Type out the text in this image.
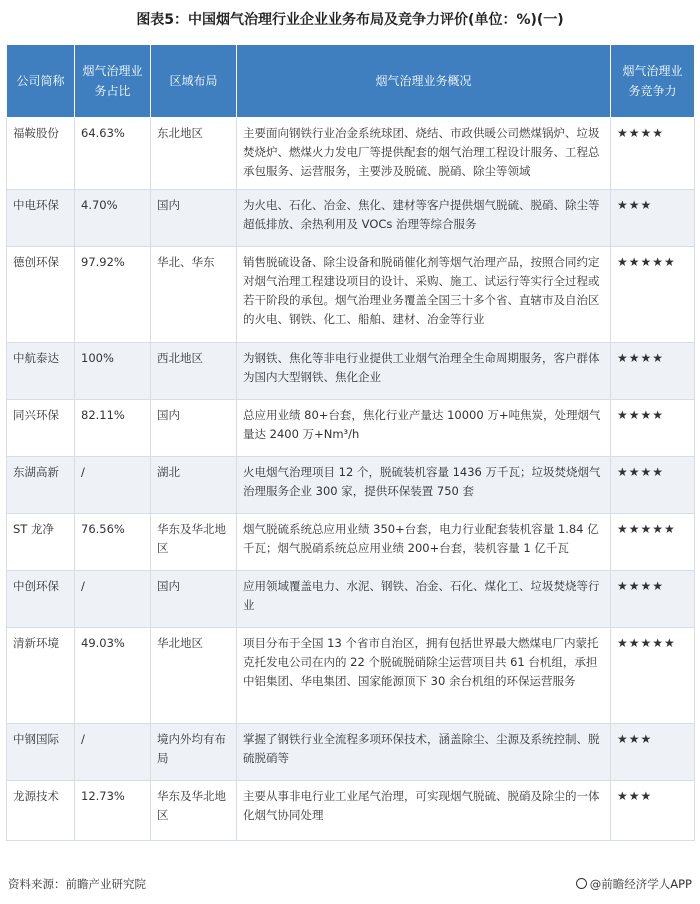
图表5：中国烟气治理行业企业业务布局及竞争力评价(单位：%)(一)
公司简称	烟气治理业务占比	区域布局	烟气治理业务概况	烟气治理业务竞争力
福鞍股份	64.63%	东北地区	主要面向钢铁行业冶金系统球团、烧结、市政供暖公司燃煤锅炉、垃圾焚烧炉、燃煤火力发电厂等提供配套的烟气治理工程设计服务、工程总承包服务、运营服务，主要涉及脱硫、脱硝、除尘等领域	★★★★
中电环保	4.70%	国内	为火电、石化、冶金、焦化、建材等客户提供烟气脱硫、脱硝、除尘等超低排放、余热利用及 VOCs 治理等综合服务	★★★
德创环保	97.92%	华北、华东	销售脱硫设备、除尘设备和脱硝催化剂等烟气治理产品，按照合同约定对烟气治理工程建设项目的设计、采购、施工、试运行等实行全过程或若干阶段的承包。烟气治理业务覆盖全国三十多个省、直辖市及自治区的火电、钢铁、化工、船舶、建材、冶金等行业	★★★★★
中航泰达	100%	西北地区	为钢铁、焦化等非电行业提供工业烟气治理全生命周期服务，客户群体为国内大型钢铁、焦化企业	★★★★
同兴环保	82.11%	国内	总应用业绩 80+台套，焦化行业产量达 10000 万+吨焦炭，处理烟气量达 2400 万+Nm³/h	★★★★
东湖高新	/	湖北	火电烟气治理项目 12 个，脱硫装机容量 1436 万千瓦；垃圾焚烧烟气治理服务企业 300 家，提供环保装置 750 套	★★★★
ST 龙净	76.56%	华东及华北地区	烟气脱硫系统总应用业绩 350+台套，电力行业配套装机容量 1.84 亿千瓦；烟气脱硝系统总应用业绩 200+台套，装机容量 1 亿千瓦	★★★★★
中创环保	/	国内	应用领域覆盖电力、水泥、钢铁、冶金、石化、煤化工、垃圾焚烧等行业	★★★★
清新环境	49.03%	华北地区	项目分布于全国 13 个省市自治区，拥有包括世界最大燃煤电厂内蒙托克托发电公司在内的 22 个脱硫脱硝除尘运营项目共 61 台机组，承担中铝集团、华电集团、国家能源顶下 30 余台机组的环保运营服务	★★★★★
中钢国际	/	境内外均有布局	掌握了钢铁行业全流程多项环保技术，涵盖除尘、尘源及系统控制、脱硫脱硝等	★★★
龙源技术	12.73%	华东及华北地区	主要从事非电行业工业尾气治理，可实现烟气脱硫、脱硝及除尘的一体化烟气协同处理	★★★
资料来源：前瞻产业研究院	@前瞻经济学人APP
